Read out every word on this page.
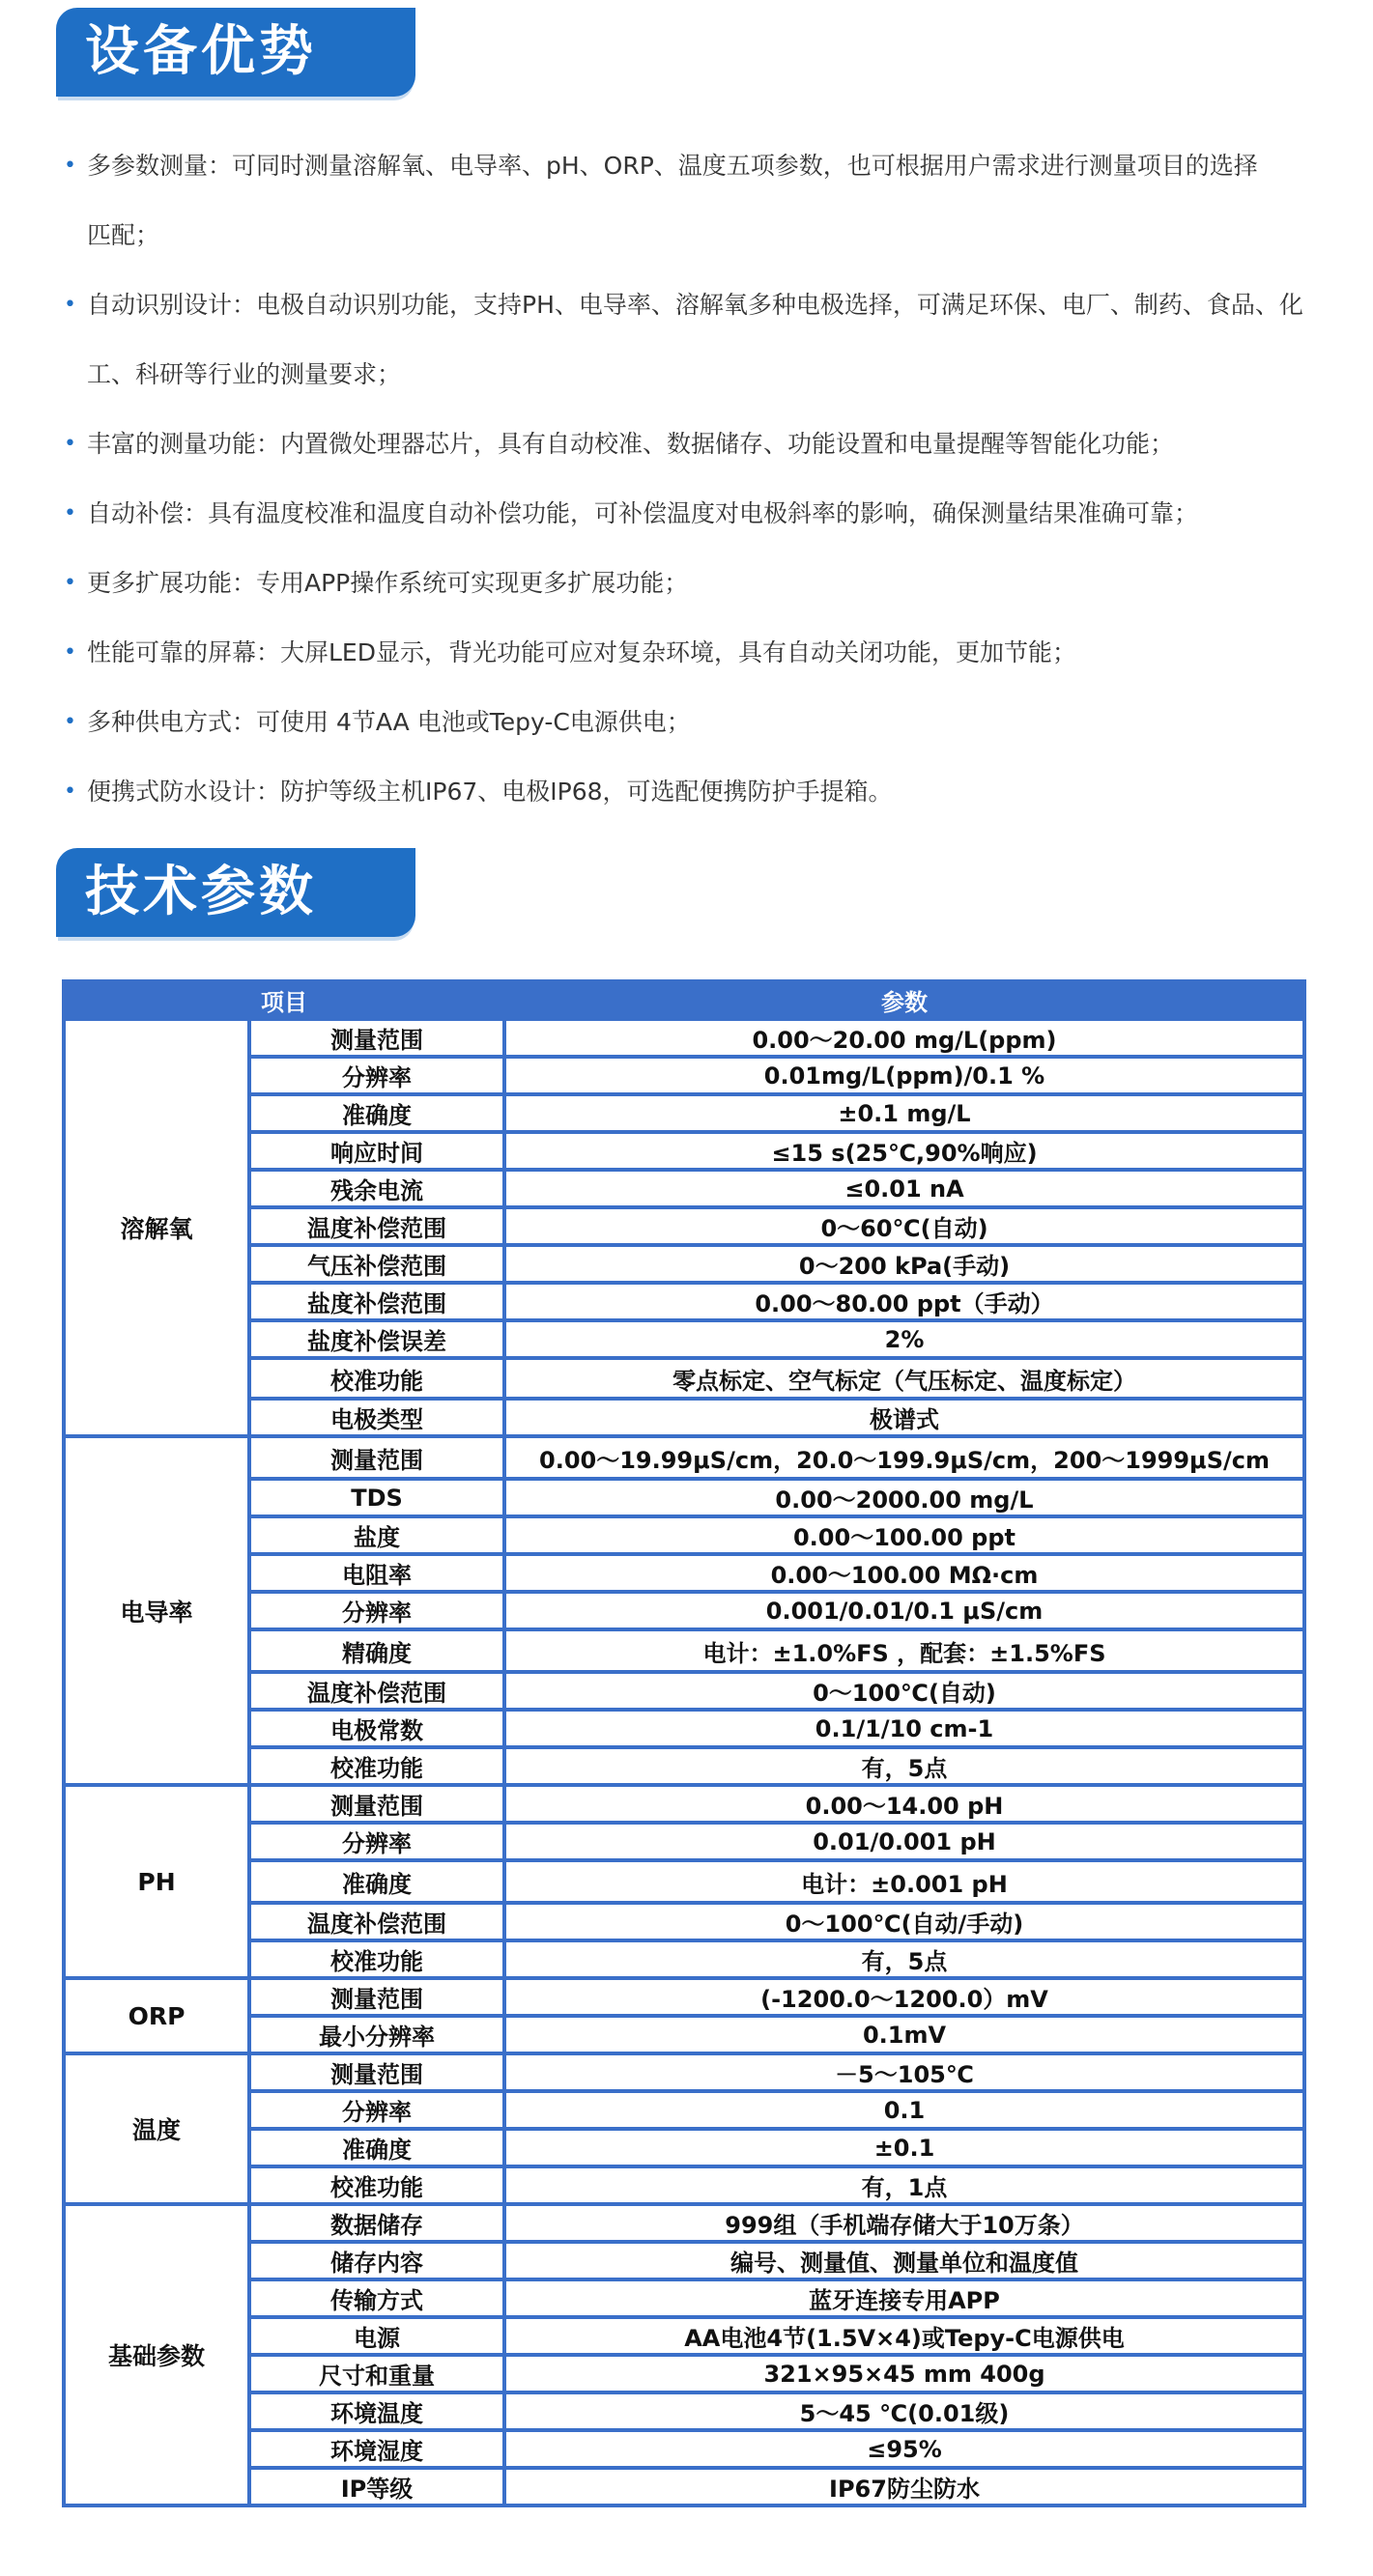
设备优势
• 多参数测量：可同时测量溶解氧、电导率、pH、ORP、温度五项参数，也可根据用户需求进行测量项目的选择
匹配；
• 自动识别设计：电极自动识别功能，支持PH、电导率、溶解氧多种电极选择，可满足环保、电厂、制药、食品、化
工、科研等行业的测量要求；
• 丰富的测量功能：内置微处理器芯片，具有自动校准、数据储存、功能设置和电量提醒等智能化功能；
• 自动补偿：具有温度校准和温度自动补偿功能，可补偿温度对电极斜率的影响，确保测量结果准确可靠；
• 更多扩展功能：专用APP操作系统可实现更多扩展功能；
• 性能可靠的屏幕：大屏LED显示，背光功能可应对复杂环境，具有自动关闭功能，更加节能；
• 多种供电方式：可使用 4节AA 电池或Tepy-C电源供电；
• 便携式防水设计：防护等级主机IP67、电极IP68，可选配便携防护手提箱。
技术参数
项目		参数
溶解氧	测量范围	0.00～20.00 mg/L(ppm)
	分辨率	0.01mg/L(ppm)/0.1 %
	准确度	±0.1 mg/L
	响应时间	≤15 s(25℃,90%响应)
	残余电流	≤0.01 nA
	温度补偿范围	0～60℃(自动)
	气压补偿范围	0～200 kPa(手动)
	盐度补偿范围	0.00～80.00 ppt（手动）
	盐度补偿误差	2%
	校准功能	零点标定、空气标定（气压标定、温度标定）
	电极类型	极谱式
电导率	测量范围	0.00～19.99μS/cm，20.0～199.9μS/cm，200～1999μS/cm
	TDS	0.00～2000.00 mg/L
	盐度	0.00～100.00 ppt
	电阻率	0.00～100.00 MΩ·cm
	分辨率	0.001/0.01/0.1 μS/cm
	精确度	电计：±1.0%FS ，配套：±1.5%FS
	温度补偿范围	0～100℃(自动)
	电极常数	0.1/1/10 cm-1
	校准功能	有，5点
PH	测量范围	0.00～14.00 pH
	分辨率	0.01/0.001 pH
	准确度	电计：±0.001 pH
	温度补偿范围	0～100℃(自动/手动)
	校准功能	有，5点
ORP	测量范围	(-1200.0～1200.0）mV
	最小分辨率	0.1mV
温度	测量范围	－5～105℃
	分辨率	0.1
	准确度	±0.1
	校准功能	有，1点
基础参数	数据储存	999组（手机端存储大于10万条）
	储存内容	编号、测量值、测量单位和温度值
	传输方式	蓝牙连接专用APP
	电源	AA电池4节(1.5V×4)或Tepy-C电源供电
	尺寸和重量	321×95×45 mm 400g
	环境温度	5～45 ℃(0.01级)
	环境湿度	≤95%
	IP等级	IP67防尘防水
